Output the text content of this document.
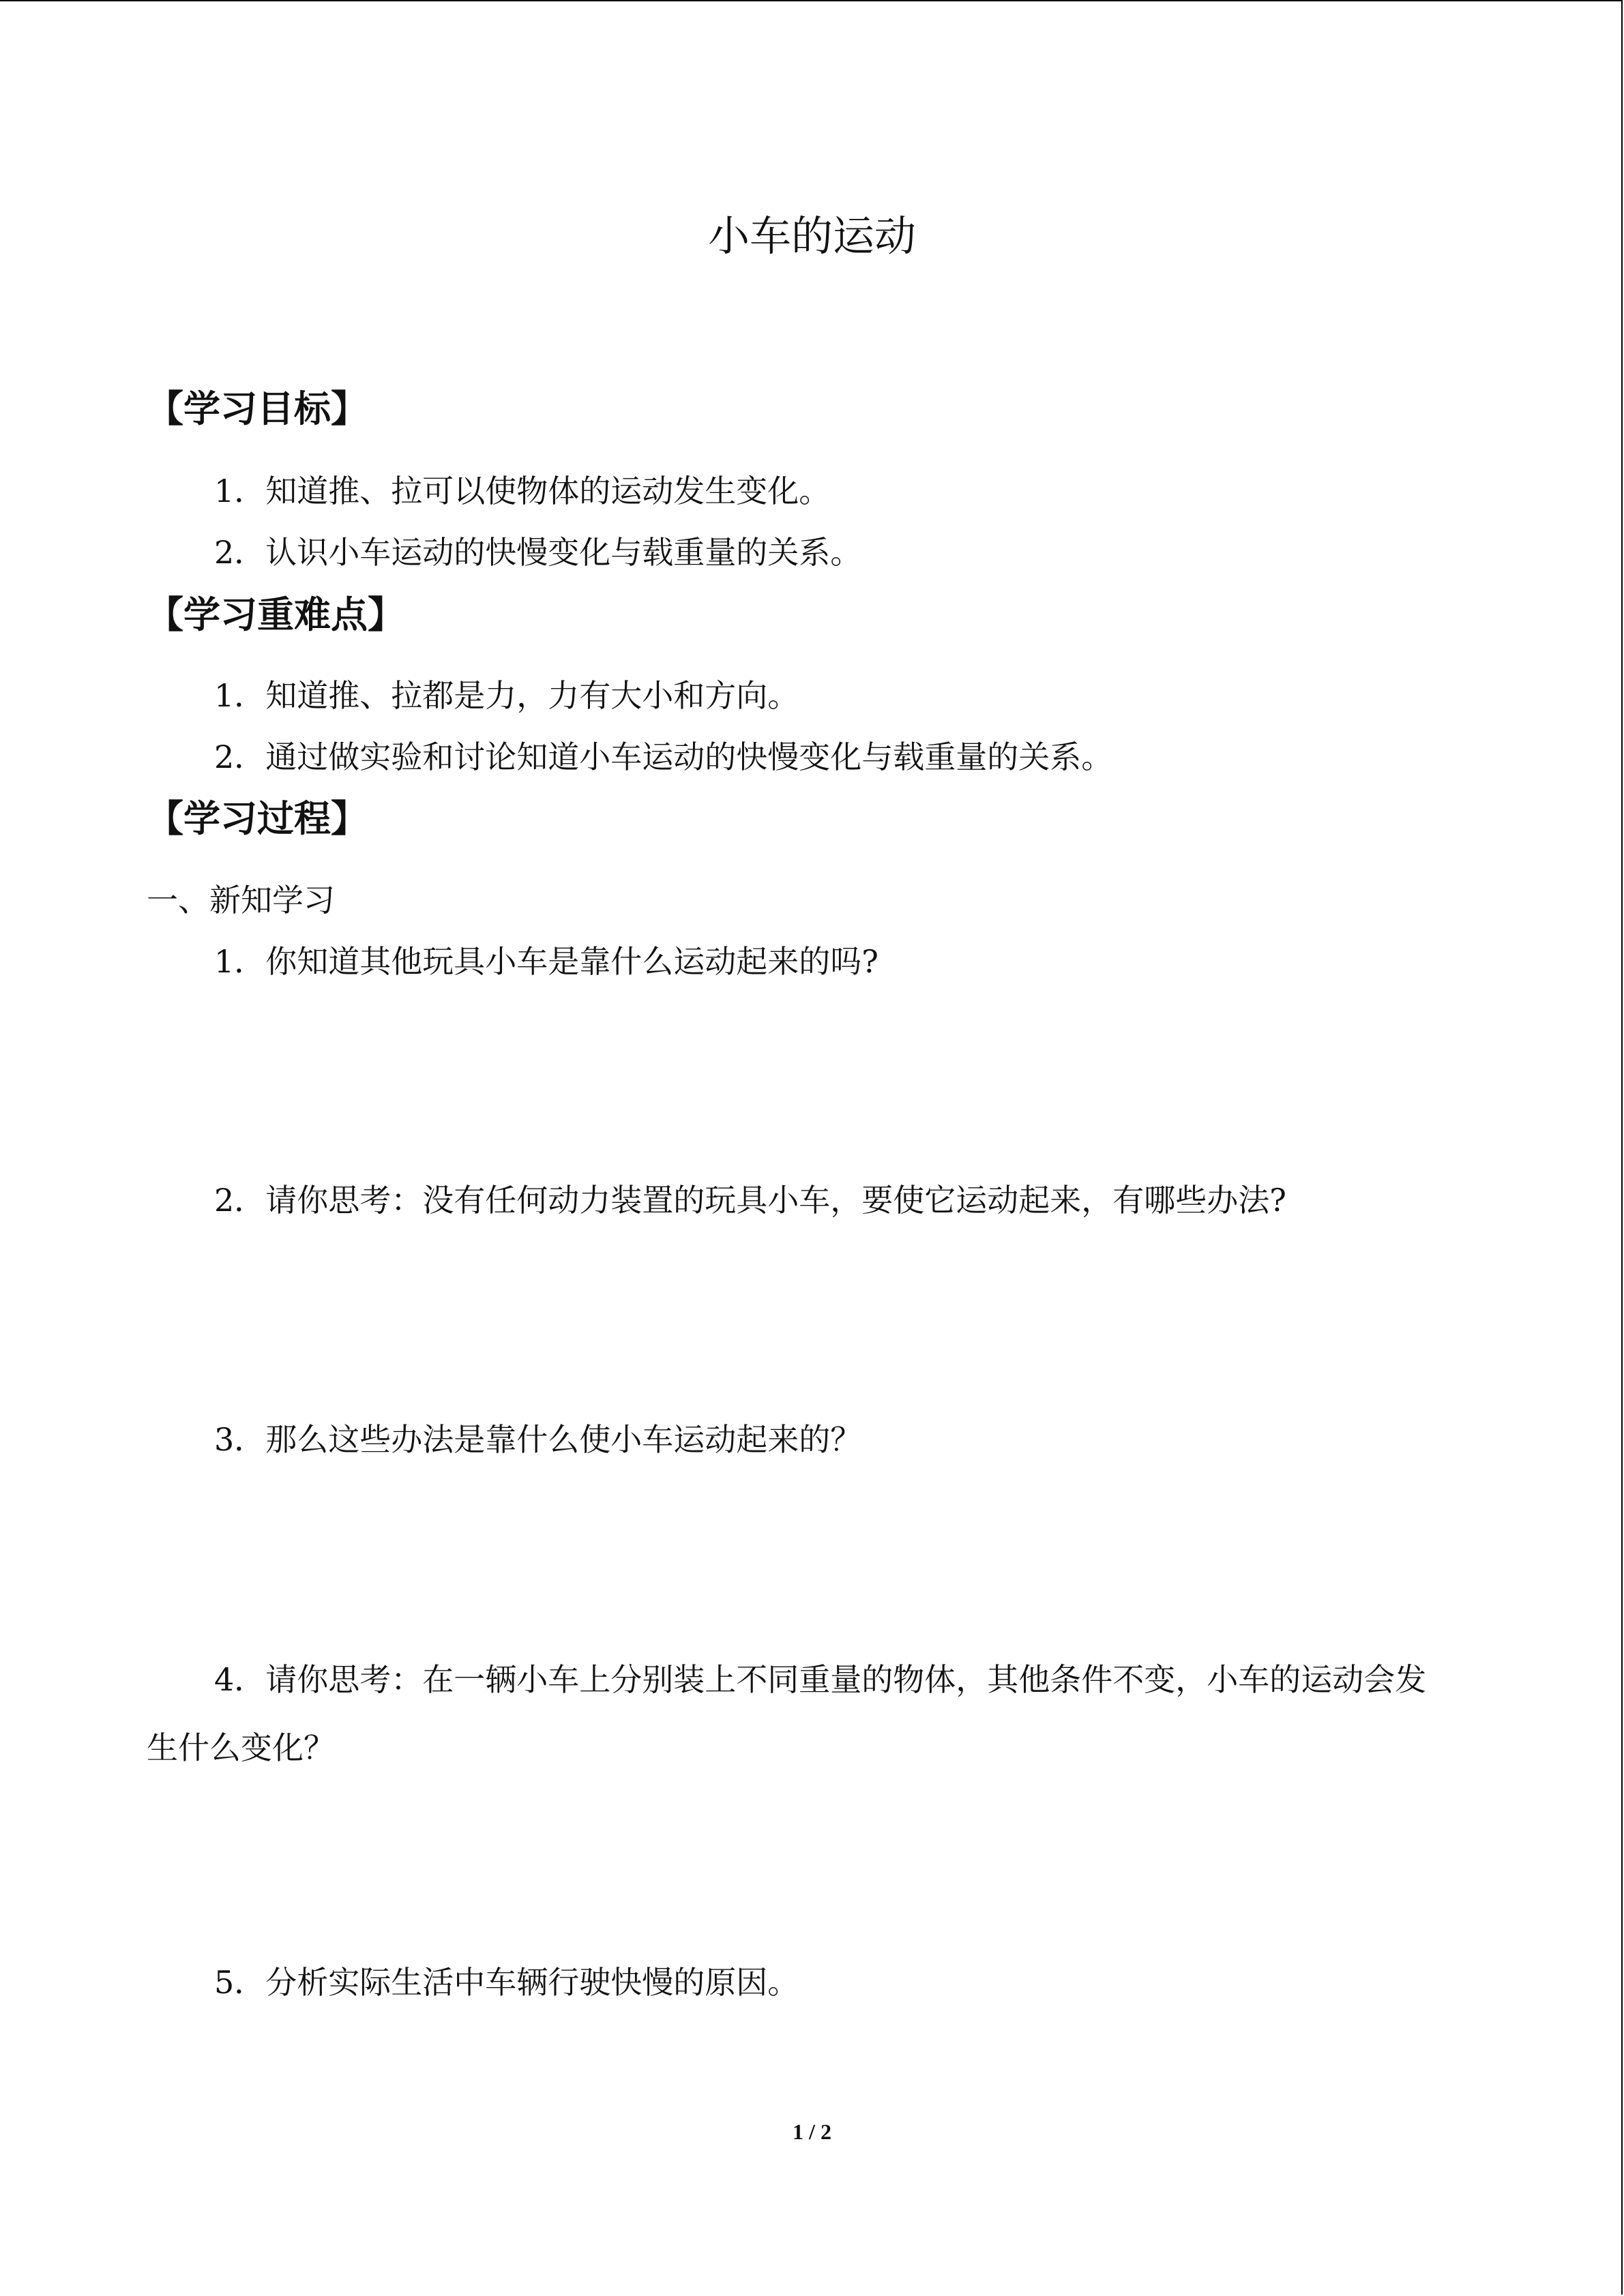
小车的运动
【学习目标】
1．知道推、拉可以使物体的运动发生变化。
2．认识小车运动的快慢变化与载重量的关系。
【学习重难点】
1．知道推、拉都是力，力有大小和方向。
2．通过做实验和讨论知道小车运动的快慢变化与载重量的关系。
【学习过程】
一、新知学习
1．你知道其他玩具小车是靠什么运动起来的吗?
2．请你思考：没有任何动力装置的玩具小车，要使它运动起来，有哪些办法?
3．那么这些办法是靠什么使小车运动起来的？
4．请你思考：在一辆小车上分别装上不同重量的物体，其他条件不变，小车的运动会发
生什么变化？
5．分析实际生活中车辆行驶快慢的原因。
1 / 2
